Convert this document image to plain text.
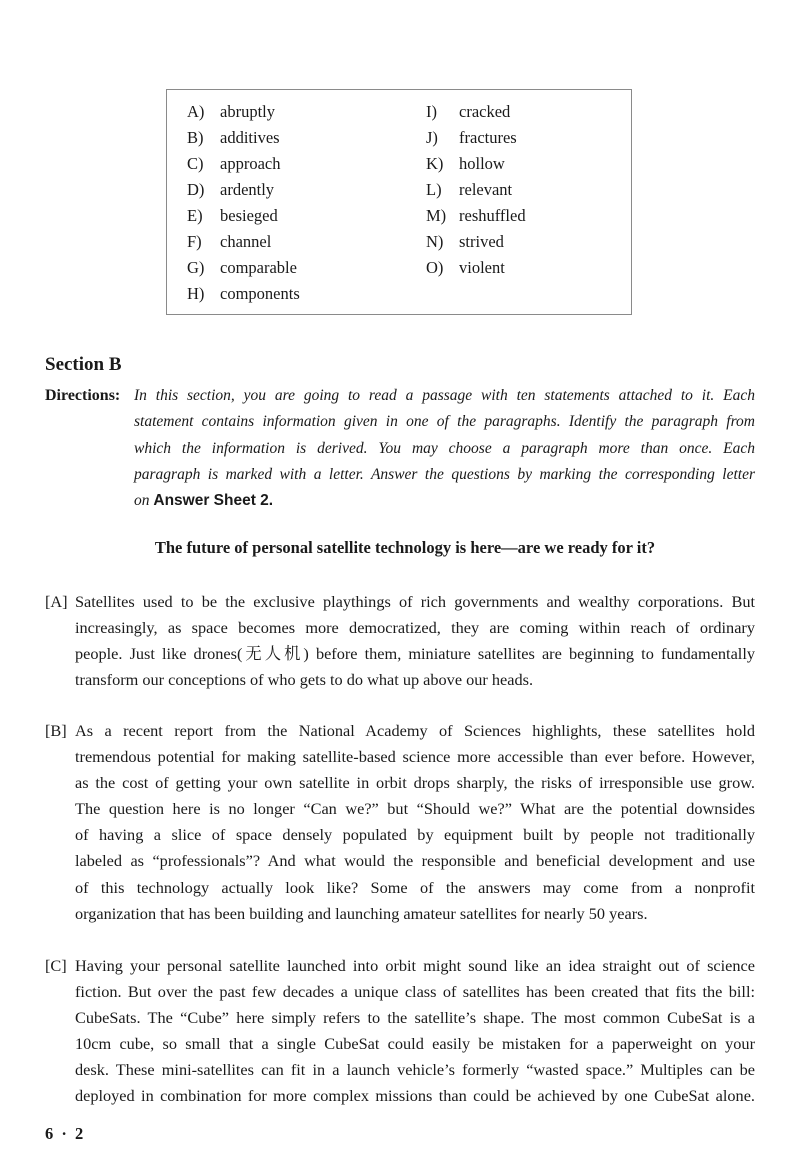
A) abruptly
B) additives
C) approach
D) ardently
E) besieged
F) channel
G) comparable
H) components
I) cracked
J) fractures
K) hollow
L) relevant
M) reshuffled
N) strived
O) violent
Section B
Directions: In this section, you are going to read a passage with ten statements attached to it. Each
statement contains information given in one of the paragraphs. Identify the paragraph from
which the information is derived. You may choose a paragraph more than once. Each
paragraph is marked with a letter. Answer the questions by marking the corresponding letter
on Answer Sheet 2.
The future of personal satellite technology is here—are we ready for it?
[A] Satellites used to be the exclusive playthings of rich governments and wealthy corporations. But
increasingly, as space becomes more democratized, they are coming within reach of ordinary
people. Just like drones(无人机) before them, miniature satellites are beginning to fundamentally
transform our conceptions of who gets to do what up above our heads.
[B] As a recent report from the National Academy of Sciences highlights, these satellites hold
tremendous potential for making satellite-based science more accessible than ever before. However,
as the cost of getting your own satellite in orbit drops sharply, the risks of irresponsible use grow.
The question here is no longer “Can we?” but “Should we?” What are the potential downsides
of having a slice of space densely populated by equipment built by people not traditionally
labeled as “professionals”? And what would the responsible and beneficial development and use
of this technology actually look like? Some of the answers may come from a nonprofit
organization that has been building and launching amateur satellites for nearly 50 years.
[C] Having your personal satellite launched into orbit might sound like an idea straight out of science
fiction. But over the past few decades a unique class of satellites has been created that fits the bill:
CubeSats. The “Cube” here simply refers to the satellite’s shape. The most common CubeSat is a
10cm cube, so small that a single CubeSat could easily be mistaken for a paperweight on your
desk. These mini-satellites can fit in a launch vehicle’s formerly “wasted space.” Multiples can be
deployed in combination for more complex missions than could be achieved by one CubeSat alone.
6 · 2
